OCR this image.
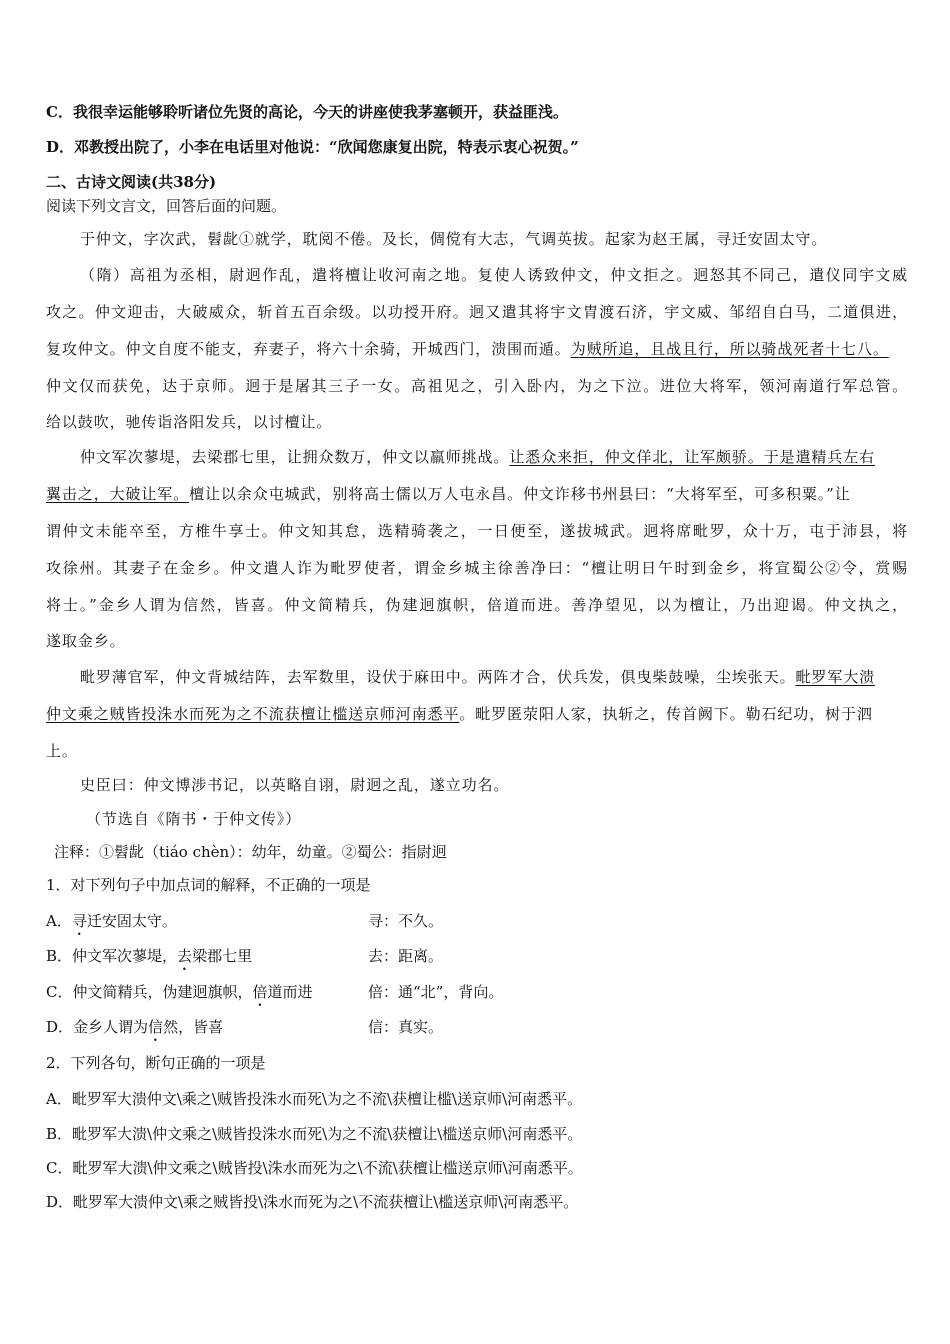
C．我很幸运能够聆听诸位先贤的高论，今天的讲座使我茅塞顿开，获益匪浅。
D．邓教授出院了，小李在电话里对他说：“欣闻您康复出院，特表示衷心祝贺。”
二、古诗文阅读(共38分)
阅读下列文言文，回答后面的问题。
于仲文，字次武，髫龀①就学，耽阅不倦。及长，倜傥有大志，气调英拔。起家为赵王属，寻迁安固太守。
（隋）高祖为丞相，尉迥作乱，遣将檀让收河南之地。复使人诱致仲文，仲文拒之。迥怒其不同己，遣仪同宇文威
攻之。仲文迎击，大破威众，斩首五百余级。以功授开府。迥又遣其将宇文胄渡石济，宇文威、邹绍自白马，二道俱进，
复攻仲文。仲文自度不能支，弃妻子，将六十余骑，开城西门，溃围而遁。为贼所追，且战且行，所以骑战死者十七八。
仲文仅而获免，达于京师。迥于是屠其三子一女。高祖见之，引入卧内，为之下泣。进位大将军，领河南道行军总管。
给以鼓吹，驰传诣洛阳发兵，以讨檀让。
仲文军次蓼堤，去梁郡七里，让拥众数万，仲文以羸师挑战。让悉众来拒，仲文佯北，让军颇骄。于是遣精兵左右
翼击之，大破让军。檀让以余众屯城武，别将高士儒以万人屯永昌。仲文诈移书州县曰：“大将军至，可多积粟。”让
谓仲文未能卒至，方椎牛享士。仲文知其怠，选精骑袭之，一日便至，遂拔城武。迥将席毗罗，众十万，屯于沛县，将
攻徐州。其妻子在金乡。仲文遣人诈为毗罗使者，谓金乡城主徐善净曰：“檀让明日午时到金乡，将宣蜀公②令，赏赐
将士。”金乡人谓为信然，皆喜。仲文简精兵，伪建迥旗帜，倍道而进。善净望见，以为檀让，乃出迎谒。仲文执之，
遂取金乡。
毗罗薄官军，仲文背城结阵，去军数里，设伏于麻田中。两阵才合，伏兵发，俱曳柴鼓噪，尘埃张天。毗罗军大溃
仲文乘之贼皆投洙水而死为之不流获檀让槛送京师河南悉平。毗罗匿荥阳人家，执斩之，传首阙下。勒石纪功，树于泗
上。
史臣曰：仲文博涉书记，以英略自诩，尉迥之乱，遂立功名。
（节选自《隋书・于仲文传》）
注释：①髫龀（tiáo chèn）：幼年，幼童。②蜀公：指尉迥
1．对下列句子中加点词的解释，不正确的一项是
A．寻迁安固太守。	寻：不久。
B．仲文军次蓼堤，去梁郡七里	去：距离。
C．仲文简精兵，伪建迥旗帜，倍道而进	倍：通“北”，背向。
D．金乡人谓为信然，皆喜	信：真实。
2．下列各句，断句正确的一项是
A．毗罗军大溃仲文\乘之\贼皆投洙水而死\为之不流\获檀让槛\送京师\河南悉平。
B．毗罗军大溃\仲文乘之\贼皆投洙水而死\为之不流\获檀让\槛送京师\河南悉平。
C．毗罗军大溃\仲文乘之\贼皆投\洙水而死为之\不流\获檀让槛送京师\河南悉平。
D．毗罗军大溃仲文\乘之贼皆投\洙水而死为之\不流获檀让\槛送京师\河南悉平。
